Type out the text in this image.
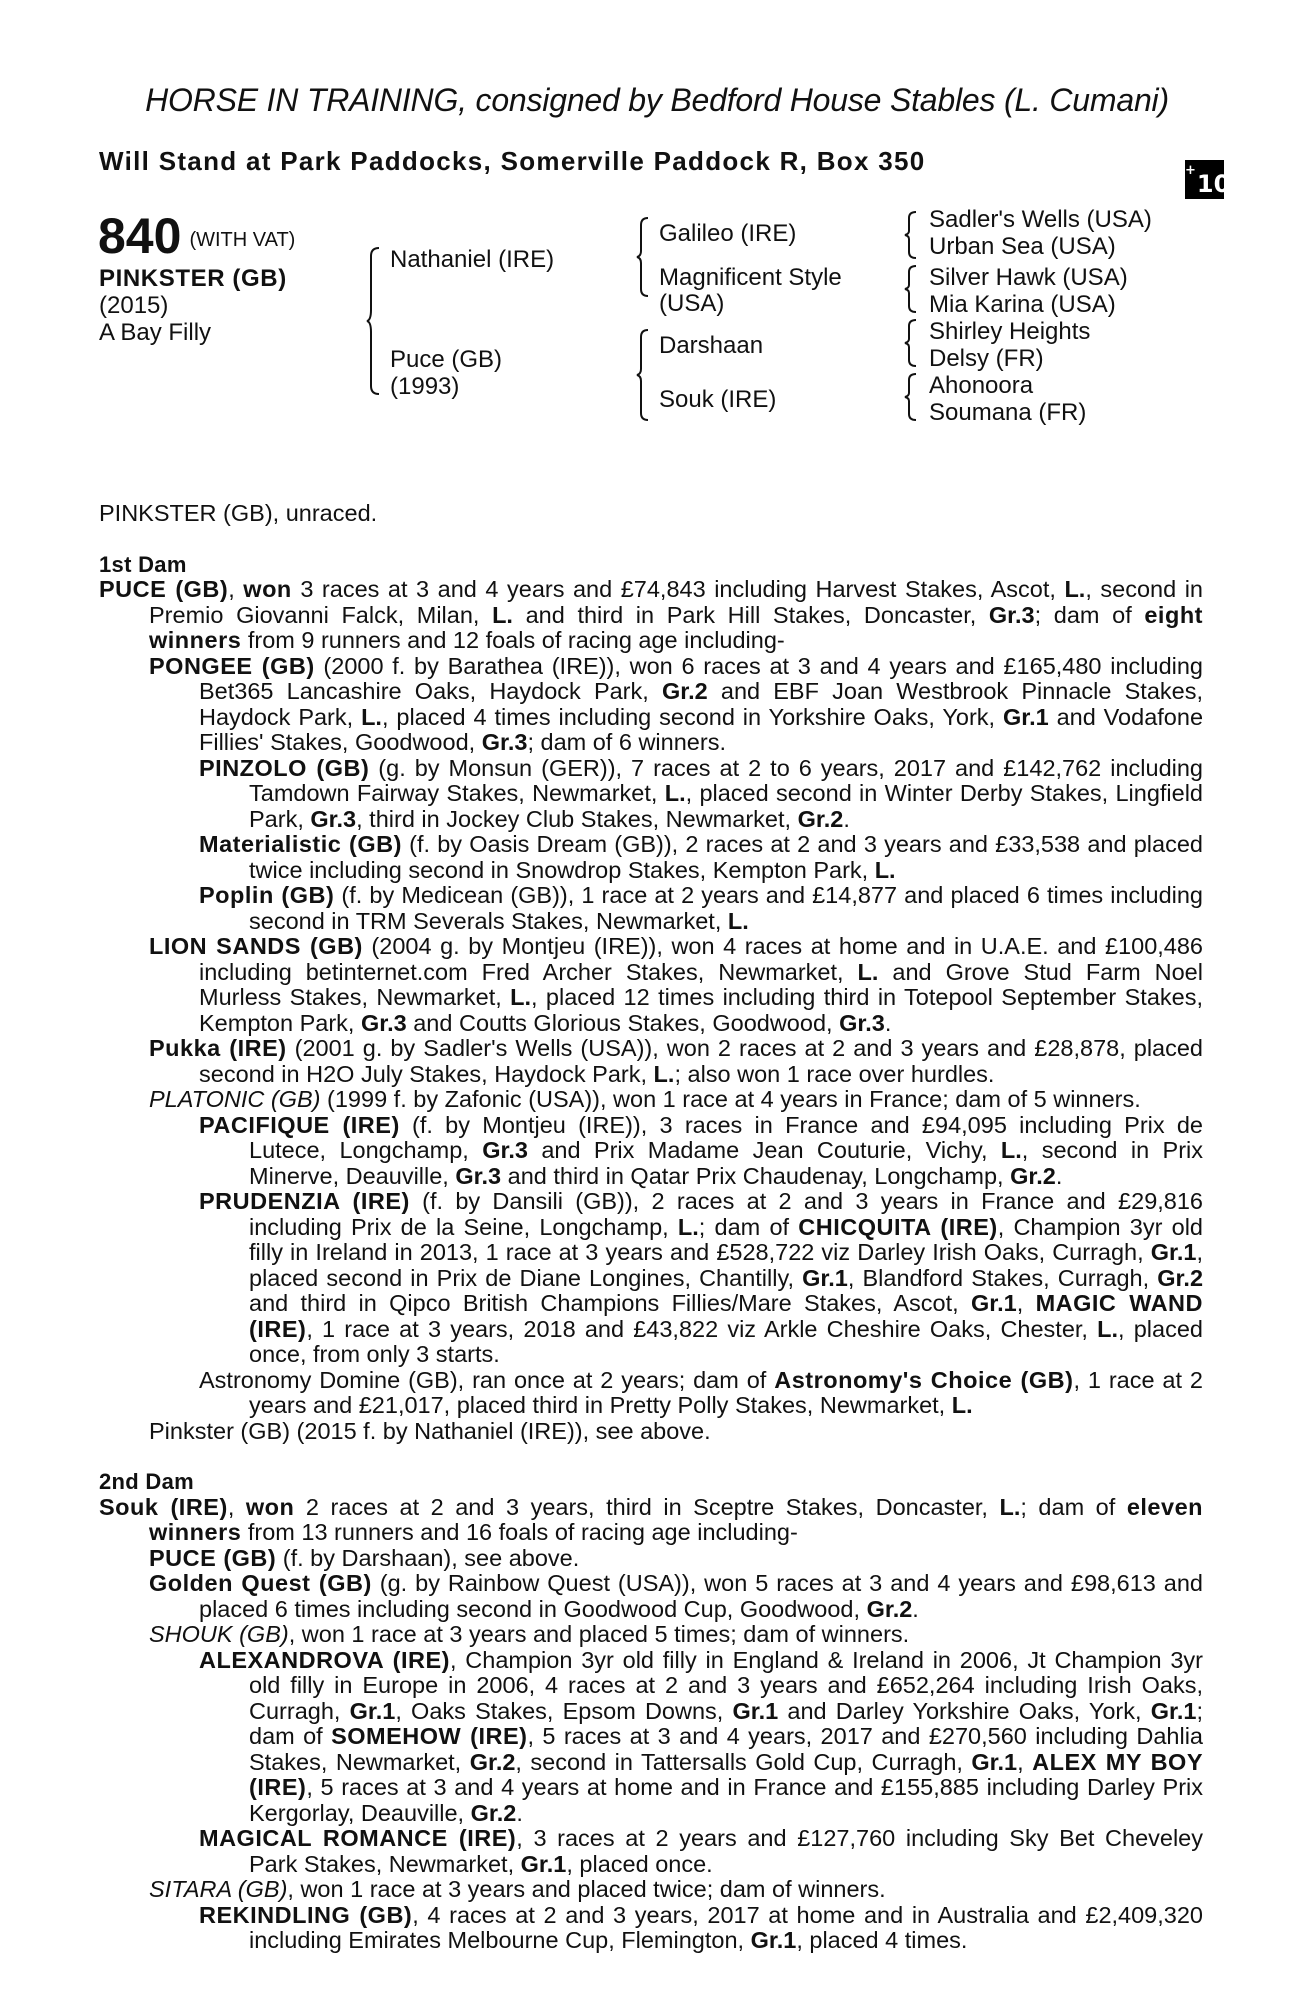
HORSE IN TRAINING, consigned by Bedford House Stables (L. Cumani)
Will Stand at Park Paddocks, Somerville Paddock R, Box 350	+10
840 (WITH VAT)
PINKSTER (GB)
(2015)
A Bay Filly
Nathaniel (IRE)
Puce (GB)
(1993)
Galileo (IRE)
Magnificent Style
(USA)
Darshaan
Souk (IRE)
Sadler's Wells (USA)
Urban Sea (USA)
Silver Hawk (USA)
Mia Karina (USA)
Shirley Heights
Delsy (FR)
Ahonoora
Soumana (FR)

PINKSTER (GB), unraced.

1st Dam

PUCE (GB), won 3 races at 3 and 4 years and £74,843 including Harvest Stakes, Ascot, L., second in Premio Giovanni Falck, Milan, L. and third in Park Hill Stakes, Doncaster, Gr.3; dam of eight winners from 9 runners and 12 foals of racing age including-

PONGEE (GB) (2000 f. by Barathea (IRE)), won 6 races at 3 and 4 years and £165,480 including Bet365 Lancashire Oaks, Haydock Park, Gr.2 and EBF Joan Westbrook Pinnacle Stakes, Haydock Park, L., placed 4 times including second in Yorkshire Oaks, York, Gr.1 and Vodafone Fillies' Stakes, Goodwood, Gr.3; dam of 6 winners.

PINZOLO (GB) (g. by Monsun (GER)), 7 races at 2 to 6 years, 2017 and £142,762 including Tamdown Fairway Stakes, Newmarket, L., placed second in Winter Derby Stakes, Lingfield Park, Gr.3, third in Jockey Club Stakes, Newmarket, Gr.2.

Materialistic (GB) (f. by Oasis Dream (GB)), 2 races at 2 and 3 years and £33,538 and placed twice including second in Snowdrop Stakes, Kempton Park, L.

Poplin (GB) (f. by Medicean (GB)), 1 race at 2 years and £14,877 and placed 6 times including second in TRM Severals Stakes, Newmarket, L.

LION SANDS (GB) (2004 g. by Montjeu (IRE)), won 4 races at home and in U.A.E. and £100,486 including betinternet.com Fred Archer Stakes, Newmarket, L. and Grove Stud Farm Noel Murless Stakes, Newmarket, L., placed 12 times including third in Totepool September Stakes, Kempton Park, Gr.3 and Coutts Glorious Stakes, Goodwood, Gr.3.

Pukka (IRE) (2001 g. by Sadler's Wells (USA)), won 2 races at 2 and 3 years and £28,878, placed second in H2O July Stakes, Haydock Park, L.; also won 1 race over hurdles.

PLATONIC (GB) (1999 f. by Zafonic (USA)), won 1 race at 4 years in France; dam of 5 winners.

PACIFIQUE (IRE) (f. by Montjeu (IRE)), 3 races in France and £94,095 including Prix de Lutece, Longchamp, Gr.3 and Prix Madame Jean Couturie, Vichy, L., second in Prix Minerve, Deauville, Gr.3 and third in Qatar Prix Chaudenay, Longchamp, Gr.2.

PRUDENZIA (IRE) (f. by Dansili (GB)), 2 races at 2 and 3 years in France and £29,816 including Prix de la Seine, Longchamp, L.; dam of CHICQUITA (IRE), Champion 3yr old filly in Ireland in 2013, 1 race at 3 years and £528,722 viz Darley Irish Oaks, Curragh, Gr.1, placed second in Prix de Diane Longines, Chantilly, Gr.1, Blandford Stakes, Curragh, Gr.2 and third in Qipco British Champions Fillies/Mare Stakes, Ascot, Gr.1, MAGIC WAND (IRE), 1 race at 3 years, 2018 and £43,822 viz Arkle Cheshire Oaks, Chester, L., placed once, from only 3 starts.

Astronomy Domine (GB), ran once at 2 years; dam of Astronomy's Choice (GB), 1 race at 2 years and £21,017, placed third in Pretty Polly Stakes, Newmarket, L.

Pinkster (GB) (2015 f. by Nathaniel (IRE)), see above.

2nd Dam

Souk (IRE), won 2 races at 2 and 3 years, third in Sceptre Stakes, Doncaster, L.; dam of eleven winners from 13 runners and 16 foals of racing age including-

PUCE (GB) (f. by Darshaan), see above.

Golden Quest (GB) (g. by Rainbow Quest (USA)), won 5 races at 3 and 4 years and £98,613 and placed 6 times including second in Goodwood Cup, Goodwood, Gr.2.

SHOUK (GB), won 1 race at 3 years and placed 5 times; dam of winners.

ALEXANDROVA (IRE), Champion 3yr old filly in England & Ireland in 2006, Jt Champion 3yr old filly in Europe in 2006, 4 races at 2 and 3 years and £652,264 including Irish Oaks, Curragh, Gr.1, Oaks Stakes, Epsom Downs, Gr.1 and Darley Yorkshire Oaks, York, Gr.1; dam of SOMEHOW (IRE), 5 races at 3 and 4 years, 2017 and £270,560 including Dahlia Stakes, Newmarket, Gr.2, second in Tattersalls Gold Cup, Curragh, Gr.1, ALEX MY BOY (IRE), 5 races at 3 and 4 years at home and in France and £155,885 including Darley Prix Kergorlay, Deauville, Gr.2.

MAGICAL ROMANCE (IRE), 3 races at 2 years and £127,760 including Sky Bet Cheveley Park Stakes, Newmarket, Gr.1, placed once.

SITARA (GB), won 1 race at 3 years and placed twice; dam of winners.

REKINDLING (GB), 4 races at 2 and 3 years, 2017 at home and in Australia and £2,409,320 including Emirates Melbourne Cup, Flemington, Gr.1, placed 4 times.
